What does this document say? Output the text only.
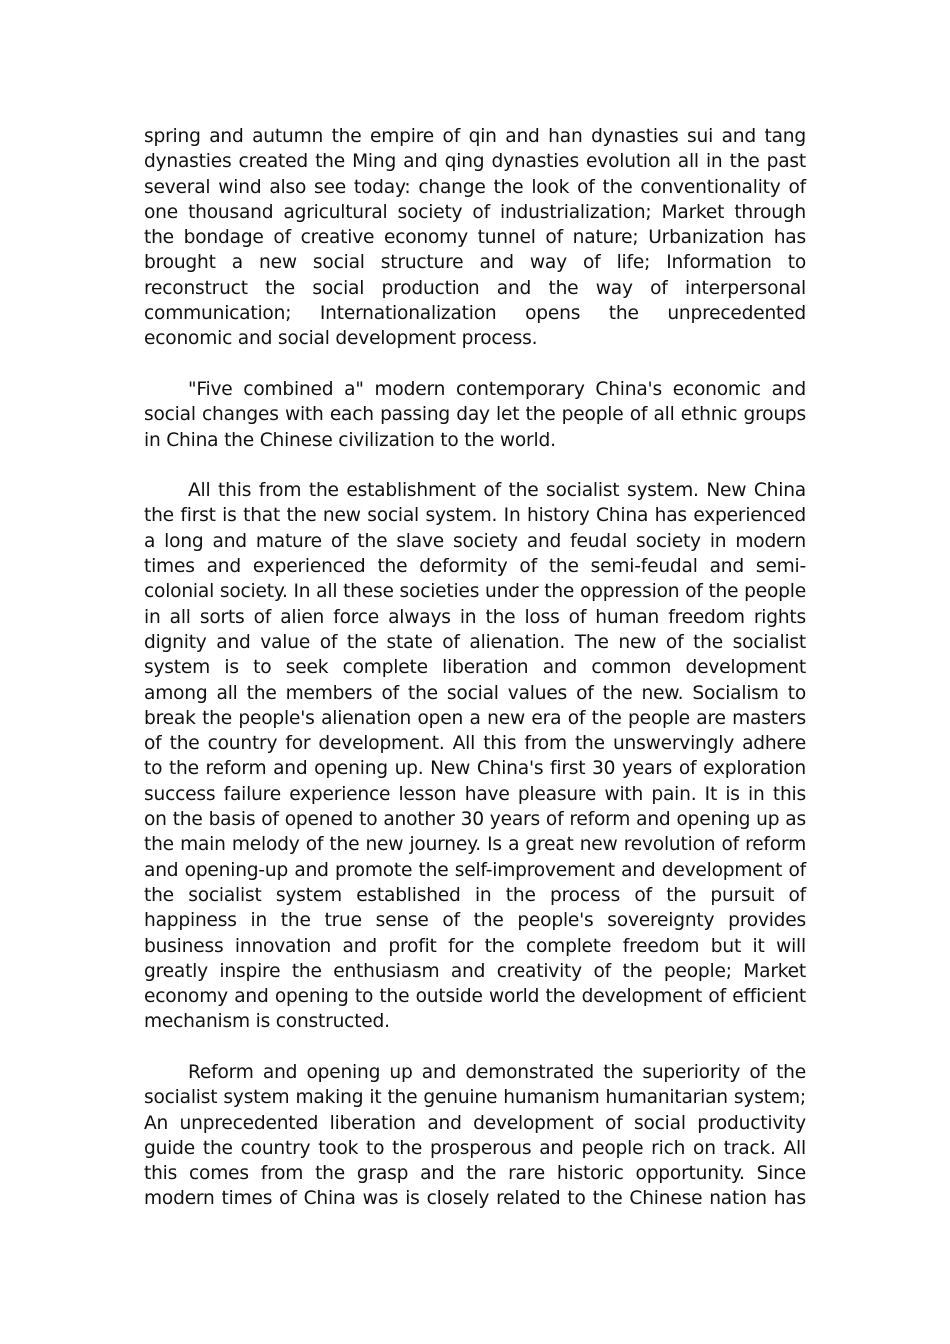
spring and autumn the empire of qin and han dynasties sui and tang dynasties created the Ming and qing dynasties evolution all in the past several wind also see today: change the look of the conventionality of one thousand agricultural society of industrialization; Market through the bondage of creative economy tunnel of nature; Urbanization has brought a new social structure and way of life; Information to reconstruct the social production and the way of interpersonal communication; Internationalization opens the unprecedented economic and social development process.

"Five combined a" modern contemporary China's economic and social changes with each passing day let the people of all ethnic groups in China the Chinese civilization to the world.

All this from the establishment of the socialist system. New China the first is that the new social system. In history China has experienced a long and mature of the slave society and feudal society in modern times and experienced the deformity of the semi-feudal and semi-colonial society. In all these societies under the oppression of the people in all sorts of alien force always in the loss of human freedom rights dignity and value of the state of alienation. The new of the socialist system is to seek complete liberation and common development among all the members of the social values of the new. Socialism to break the people's alienation open a new era of the people are masters of the country for development. All this from the unswervingly adhere to the reform and opening up. New China's first 30 years of exploration success failure experience lesson have pleasure with pain. It is in this on the basis of opened to another 30 years of reform and opening up as the main melody of the new journey. Is a great new revolution of reform and opening-up and promote the self-improvement and development of the socialist system established in the process of the pursuit of happiness in the true sense of the people's sovereignty provides business innovation and profit for the complete freedom but it will greatly inspire the enthusiasm and creativity of the people; Market economy and opening to the outside world the development of efficient mechanism is constructed.

Reform and opening up and demonstrated the superiority of the socialist system making it the genuine humanism humanitarian system; An unprecedented liberation and development of social productivity guide the country took to the prosperous and people rich on track. All this comes from the grasp and the rare historic opportunity. Since modern times of China was is closely related to the Chinese nation has
